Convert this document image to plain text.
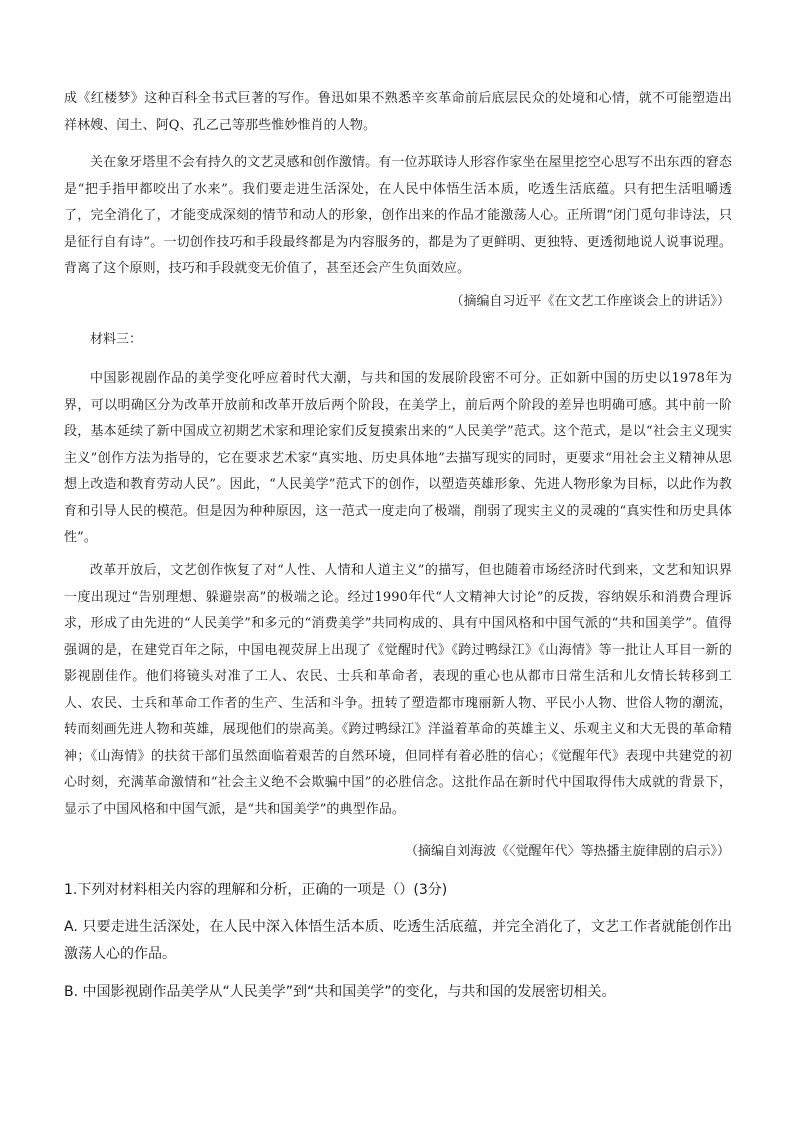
成《红楼梦》这种百科全书式巨著的写作。鲁迅如果不熟悉辛亥革命前后底层民众的处境和心情，就不可能塑造出祥林嫂、闰土、阿Q、孔乙己等那些惟妙惟肖的人物。

关在象牙塔里不会有持久的文艺灵感和创作激情。有一位苏联诗人形容作家坐在屋里挖空心思写不出东西的窘态是“把手指甲都咬出了水来”。我们要走进生活深处，在人民中体悟生活本质，吃透生活底蕴。只有把生活咀嚼透了，完全消化了，才能变成深刻的情节和动人的形象，创作出来的作品才能激荡人心。正所谓“闭门觅句非诗法，只是征行自有诗”。一切创作技巧和手段最终都是为内容服务的，都是为了更鲜明、更独特、更透彻地说人说事说理。背离了这个原则，技巧和手段就变无价值了，甚至还会产生负面效应。

（摘编自习近平《在文艺工作座谈会上的讲话》）

材料三：

中国影视剧作品的美学变化呼应着时代大潮，与共和国的发展阶段密不可分。正如新中国的历史以1978年为界，可以明确区分为改革开放前和改革开放后两个阶段，在美学上，前后两个阶段的差异也明确可感。其中前一阶段，基本延续了新中国成立初期艺术家和理论家们反复摸索出来的“人民美学”范式。这个范式，是以“社会主义现实主义”创作方法为指导的，它在要求艺术家“真实地、历史具体地”去描写现实的同时，更要求“用社会主义精神从思想上改造和教育劳动人民”。因此，“人民美学”范式下的创作，以塑造英雄形象、先进人物形象为目标，以此作为教育和引导人民的模范。但是因为种种原因，这一范式一度走向了极端，削弱了现实主义的灵魂的“真实性和历史具体性”。

改革开放后，文艺创作恢复了对“人性、人情和人道主义”的描写，但也随着市场经济时代到来，文艺和知识界一度出现过“告别理想、躲避崇高”的极端之论。经过1990年代“人文精神大讨论”的反拨，容纳娱乐和消费合理诉求，形成了由先进的“人民美学”和多元的“消费美学”共同构成的、具有中国风格和中国气派的“共和国美学”。值得强调的是，在建党百年之际，中国电视荧屏上出现了《觉醒时代》《跨过鸭绿江》《山海情》等一批让人耳目一新的影视剧佳作。他们将镜头对准了工人、农民、士兵和革命者，表现的重心也从都市日常生活和儿女情长转移到工人、农民、士兵和革命工作者的生产、生活和斗争。扭转了塑造都市瑰丽新人物、平民小人物、世俗人物的潮流，转而刻画先进人物和英雄，展现他们的崇高美。《跨过鸭绿江》洋溢着革命的英雄主义、乐观主义和大无畏的革命精神；《山海情》的扶贫干部们虽然面临着艰苦的自然环境，但同样有着必胜的信心；《觉醒年代》表现中共建党的初心时刻，充满革命激情和“社会主义绝不会欺骗中国”的必胜信念。这批作品在新时代中国取得伟大成就的背景下，显示了中国风格和中国气派，是“共和国美学”的典型作品。

（摘编自刘海波《〈觉醒年代〉等热播主旋律剧的启示》）

1.下列对材料相关内容的理解和分析，正确的一项是（）(3分)

A. 只要走进生活深处，在人民中深入体悟生活本质、吃透生活底蕴，并完全消化了，文艺工作者就能创作出激荡人心的作品。

B. 中国影视剧作品美学从“人民美学”到“共和国美学”的变化，与共和国的发展密切相关。
